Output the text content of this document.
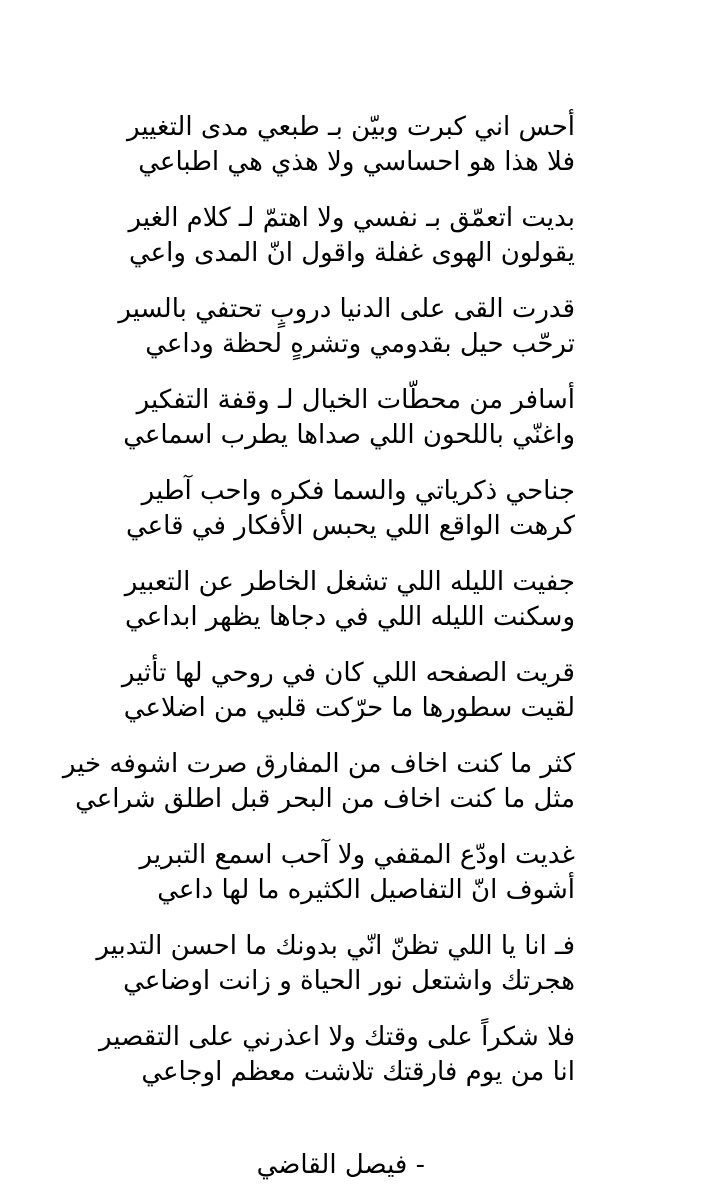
أحس اني كبرت وبيّن بـ طبعي مدى التغيير
فلا هذا هو احساسي ولا هذي هي اطباعي
بديت اتعمّق بـ نفسي ولا اهتمّ لـ كلام الغير
يقولون الهوى غفلة واقول انّ المدى واعي
قدرت القى على الدنيا دروبٍ تحتفي بالسير
ترحّب حيل بقدومي وتشرهٍ لحظة وداعي
أسافر من محطّات الخيال لـ وقفة التفكير
واغنّي باللحون اللي صداها يطرب اسماعي
جناحي ذكرياتي والسما فكره واحب آطير
كرهت الواقع اللي يحبس الأفكار في قاعي
جفيت الليله اللي تشغل الخاطر عن التعبير
وسكنت الليله اللي في دجاها يظهر ابداعي
قريت الصفحه اللي كان في روحي لها تأثير
لقيت سطورها ما حرّكت قلبي من اضلاعي
كثر ما كنت اخاف من المفارق صرت اشوفه خير
مثل ما كنت اخاف من البحر قبل اطلق شراعي
غديت اودّع المقفي ولا آحب اسمع التبرير
أشوف انّ التفاصيل الكثيره ما لها داعي
فـ انا يا اللي تظنّ انّي بدونك ما احسن التدبير
هجرتك واشتعل نور الحياة و زانت اوضاعي
فلا شكراً على وقتك ولا اعذرني على التقصير
انا من يوم فارقتك تلاشت معظم اوجاعي
- فيصل القاضي
